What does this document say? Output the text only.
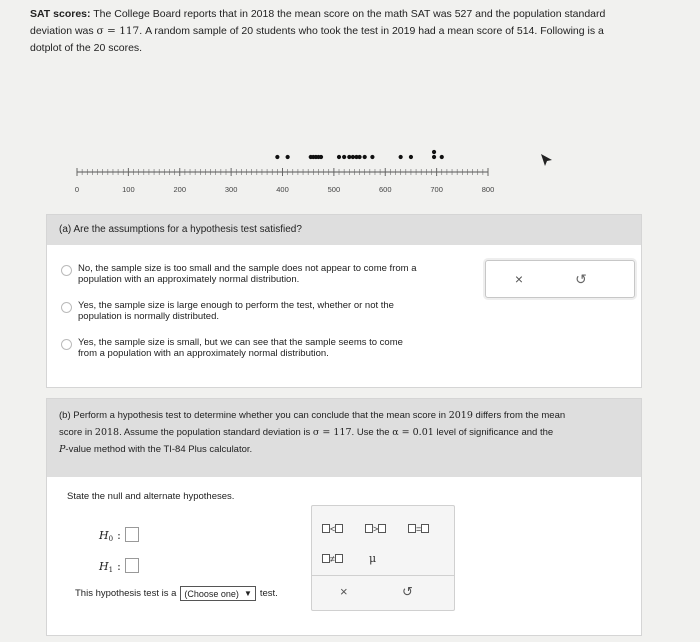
SAT scores: The College Board reports that in 2018 the mean score on the math SAT was 527 and the population standard
deviation was σ = 117. A random sample of 20 students who took the test in 2019 had a mean score of 514. Following is a
dotplot of the 20 scores.
0	100	200	300	400	500	600	700	800
(a) Are the assumptions for a hypothesis test satisfied?
No, the sample size is too small and the sample does not appear to come from a
population with an approximately normal distribution.
Yes, the sample size is large enough to perform the test, whether or not the
population is normally distributed.
Yes, the sample size is small, but we can see that the sample seems to come
from a population with an approximately normal distribution.
×	↺
(b) Perform a hypothesis test to determine whether you can conclude that the mean score in 2019 differs from the mean
score in 2018. Assume the population standard deviation is σ = 117. Use the α = 0.01 level of significance and the
P-value method with the TI-84 Plus calculator.
State the null and alternate hypotheses.
$H_0$ :
$H_1$ :
This hypothesis test is a (Choose one) ▼ test.
<	>	=
≠	μ
×	↺
